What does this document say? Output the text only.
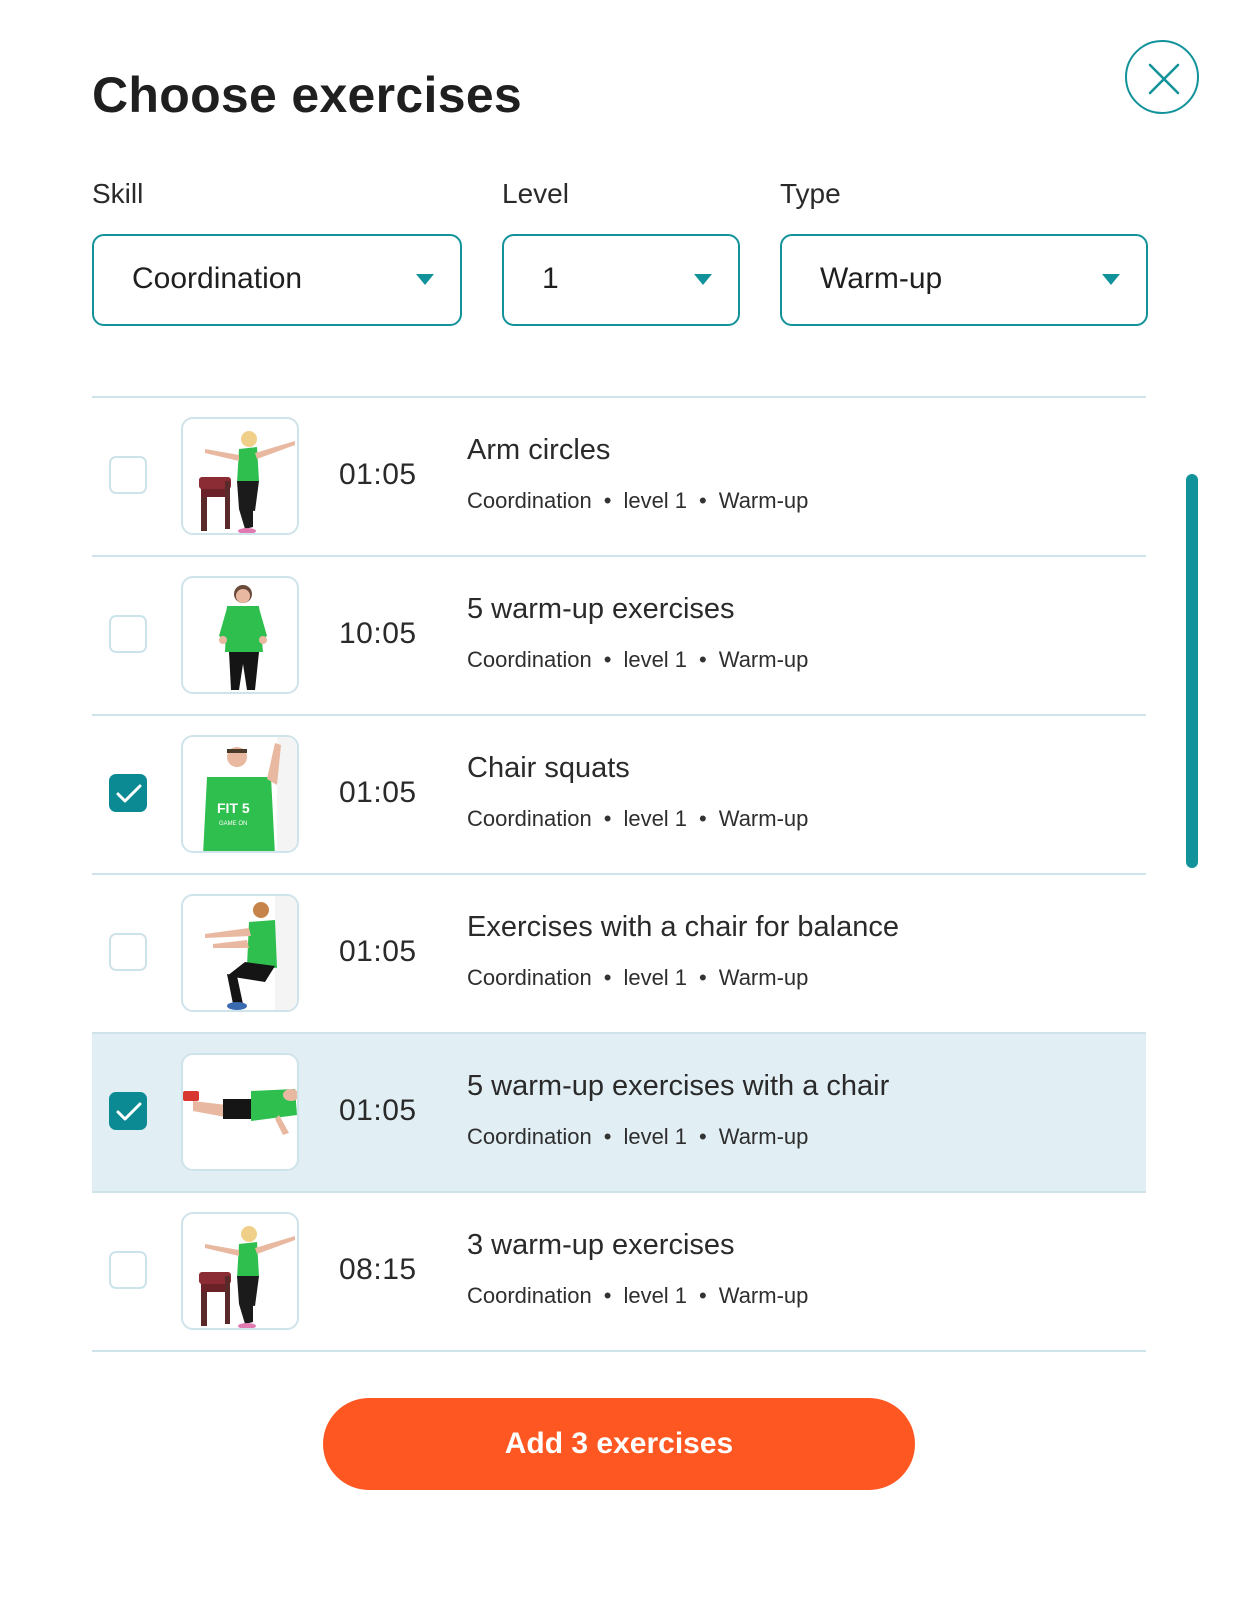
Choose exercises
Skill	Level	Type
Coordination	1	Warm-up
01:05
Arm circles
Coordination • level 1 • Warm-up
10:05
5 warm-up exercises
Coordination • level 1 • Warm-up
FIT 5
GAME ON
01:05
Chair squats
Coordination • level 1 • Warm-up
01:05
Exercises with a chair for balance
Coordination • level 1 • Warm-up
01:05
5 warm-up exercises with a chair
Coordination • level 1 • Warm-up
08:15
3 warm-up exercises
Coordination • level 1 • Warm-up
Add 3 exercises
